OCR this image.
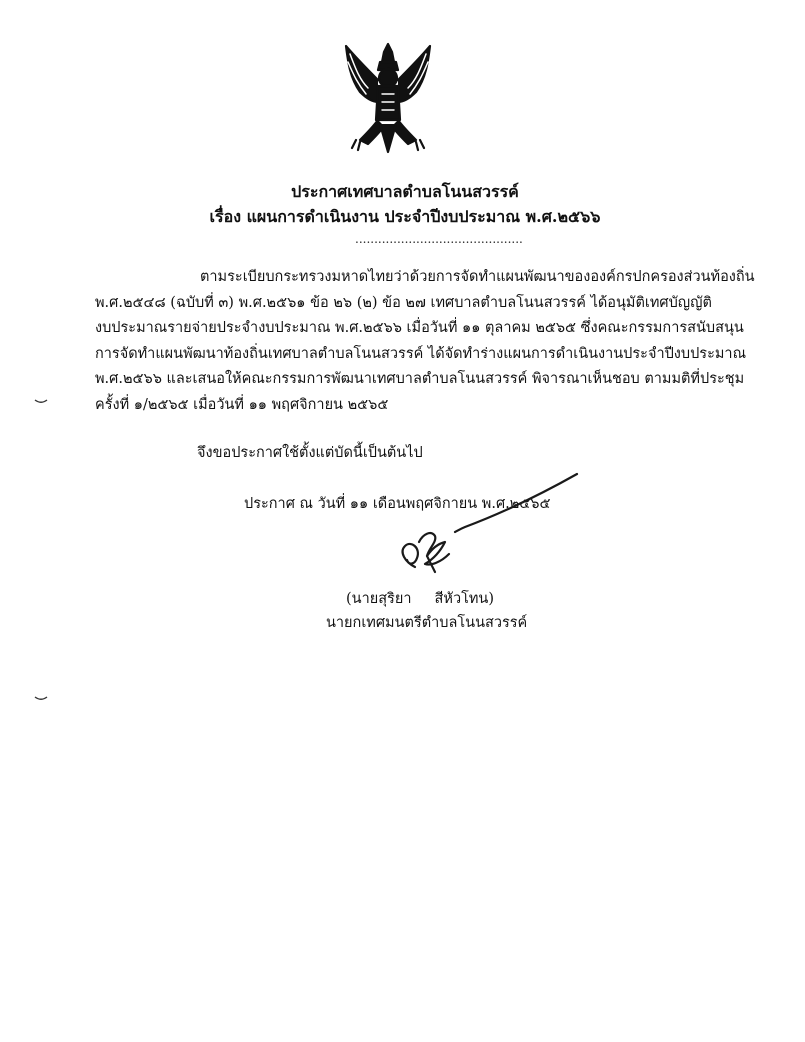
ประกาศเทศบาลตำบลโนนสวรรค์
เรื่อง แผนการดำเนินงาน ประจำปีงบประมาณ พ.ศ.๒๕๖๖
............................................
ตามระเบียบกระทรวงมหาดไทยว่าด้วยการจัดทำแผนพัฒนาขององค์กรปกครองส่วนท้องถิ่น
พ.ศ.๒๕๔๘ (ฉบับที่ ๓) พ.ศ.๒๕๖๑ ข้อ ๒๖ (๒) ข้อ ๒๗ เทศบาลตำบลโนนสวรรค์ ได้อนุมัติเทศบัญญัติ
งบประมาณรายจ่ายประจำงบประมาณ พ.ศ.๒๕๖๖ เมื่อวันที่ ๑๑ ตุลาคม ๒๕๖๕ ซึ่งคณะกรรมการสนับสนุน
การจัดทำแผนพัฒนาท้องถิ่นเทศบาลตำบลโนนสวรรค์ ได้จัดทำร่างแผนการดำเนินงานประจำปีงบประมาณ
พ.ศ.๒๕๖๖ และเสนอให้คณะกรรมการพัฒนาเทศบาลตำบลโนนสวรรค์ พิจารณาเห็นชอบ ตามมติที่ประชุม
ครั้งที่ ๑/๒๕๖๕ เมื่อวันที่ ๑๑ พฤศจิกายน ๒๕๖๕
จึงขอประกาศใช้ตั้งแต่บัดนี้เป็นต้นไป
ประกาศ ณ วันที่ ๑๑ เดือนพฤศจิกายน พ.ศ.๒๕๖๕
(นายสุริยา     สีหัวโทน)
นายกเทศมนตรีตำบลโนนสวรรค์
